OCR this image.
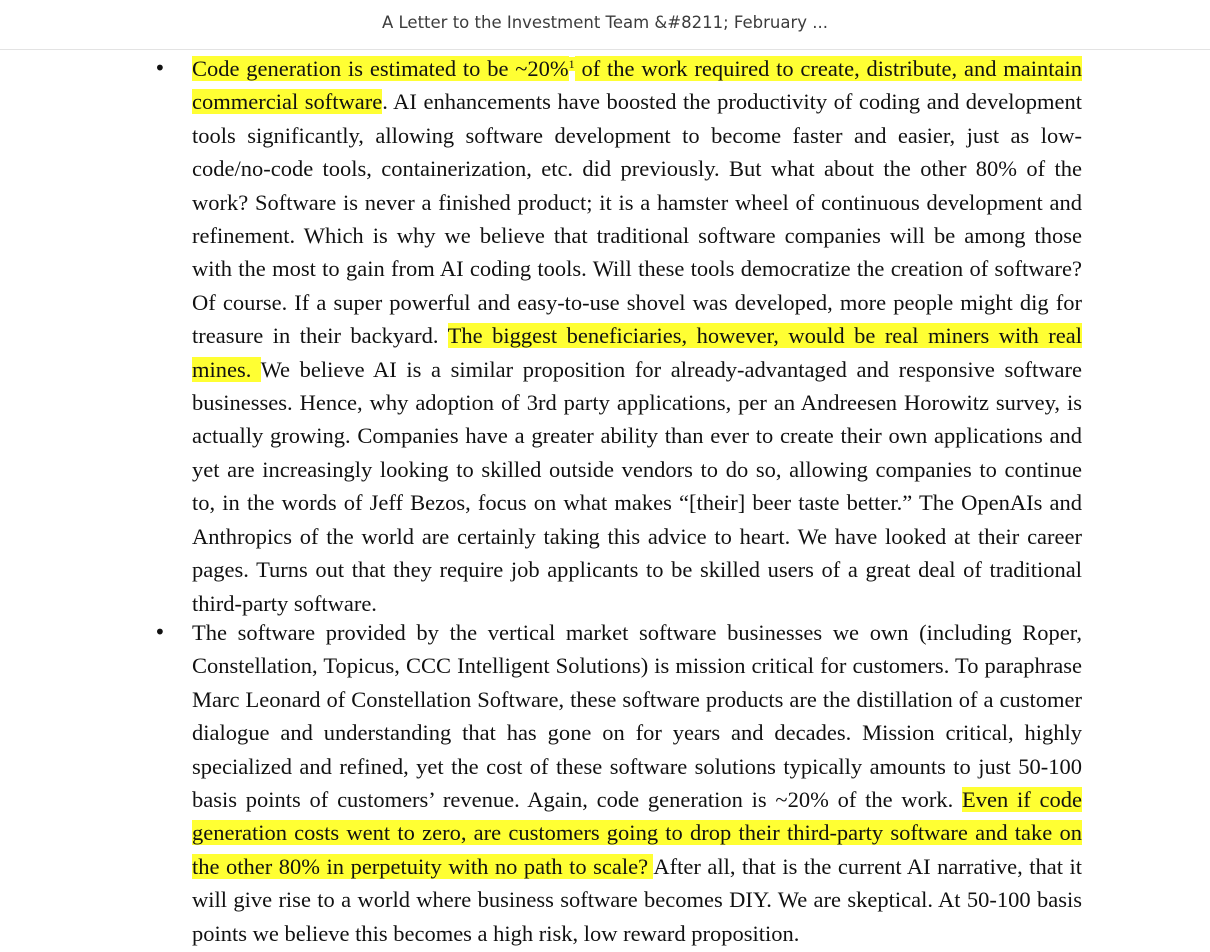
A Letter to the Investment Team &#8211; February ...
• Code generation is estimated to be ~20%$^1$ of the work required to create, distribute, and maintain commercial software. AI enhancements have boosted the productivity of coding and development tools significantly, allowing software development to become faster and easier, just as low-code/no-code tools, containerization, etc. did previously. But what about the other 80% of the work? Software is never a finished product; it is a hamster wheel of continuous development and refinement. Which is why we believe that traditional software companies will be among those with the most to gain from AI coding tools. Will these tools democratize the creation of software? Of course. If a super powerful and easy-to-use shovel was developed, more people might dig for treasure in their backyard. The biggest beneficiaries, however, would be real miners with real mines. We believe AI is a similar proposition for already-advantaged and responsive software businesses. Hence, why adoption of 3rd party applications, per an Andreesen Horowitz survey, is actually growing. Companies have a greater ability than ever to create their own applications and yet are increasingly looking to skilled outside vendors to do so, allowing companies to continue to, in the words of Jeff Bezos, focus on what makes “[their] beer taste better.” The OpenAIs and Anthropics of the world are certainly taking this advice to heart. We have looked at their career pages. Turns out that they require job applicants to be skilled users of a great deal of traditional third-party software.
• The software provided by the vertical market software businesses we own (including Roper, Constellation, Topicus, CCC Intelligent Solutions) is mission critical for customers. To paraphrase Marc Leonard of Constellation Software, these software products are the distillation of a customer dialogue and understanding that has gone on for years and decades. Mission critical, highly specialized and refined, yet the cost of these software solutions typically amounts to just 50-100 basis points of customers’ revenue. Again, code generation is ~20% of the work. Even if code generation costs went to zero, are customers going to drop their third-party software and take on the other 80% in perpetuity with no path to scale? After all, that is the current AI narrative, that it will give rise to a world where business software becomes DIY. We are skeptical. At 50-100 basis points we believe this becomes a high risk, low reward proposition.
